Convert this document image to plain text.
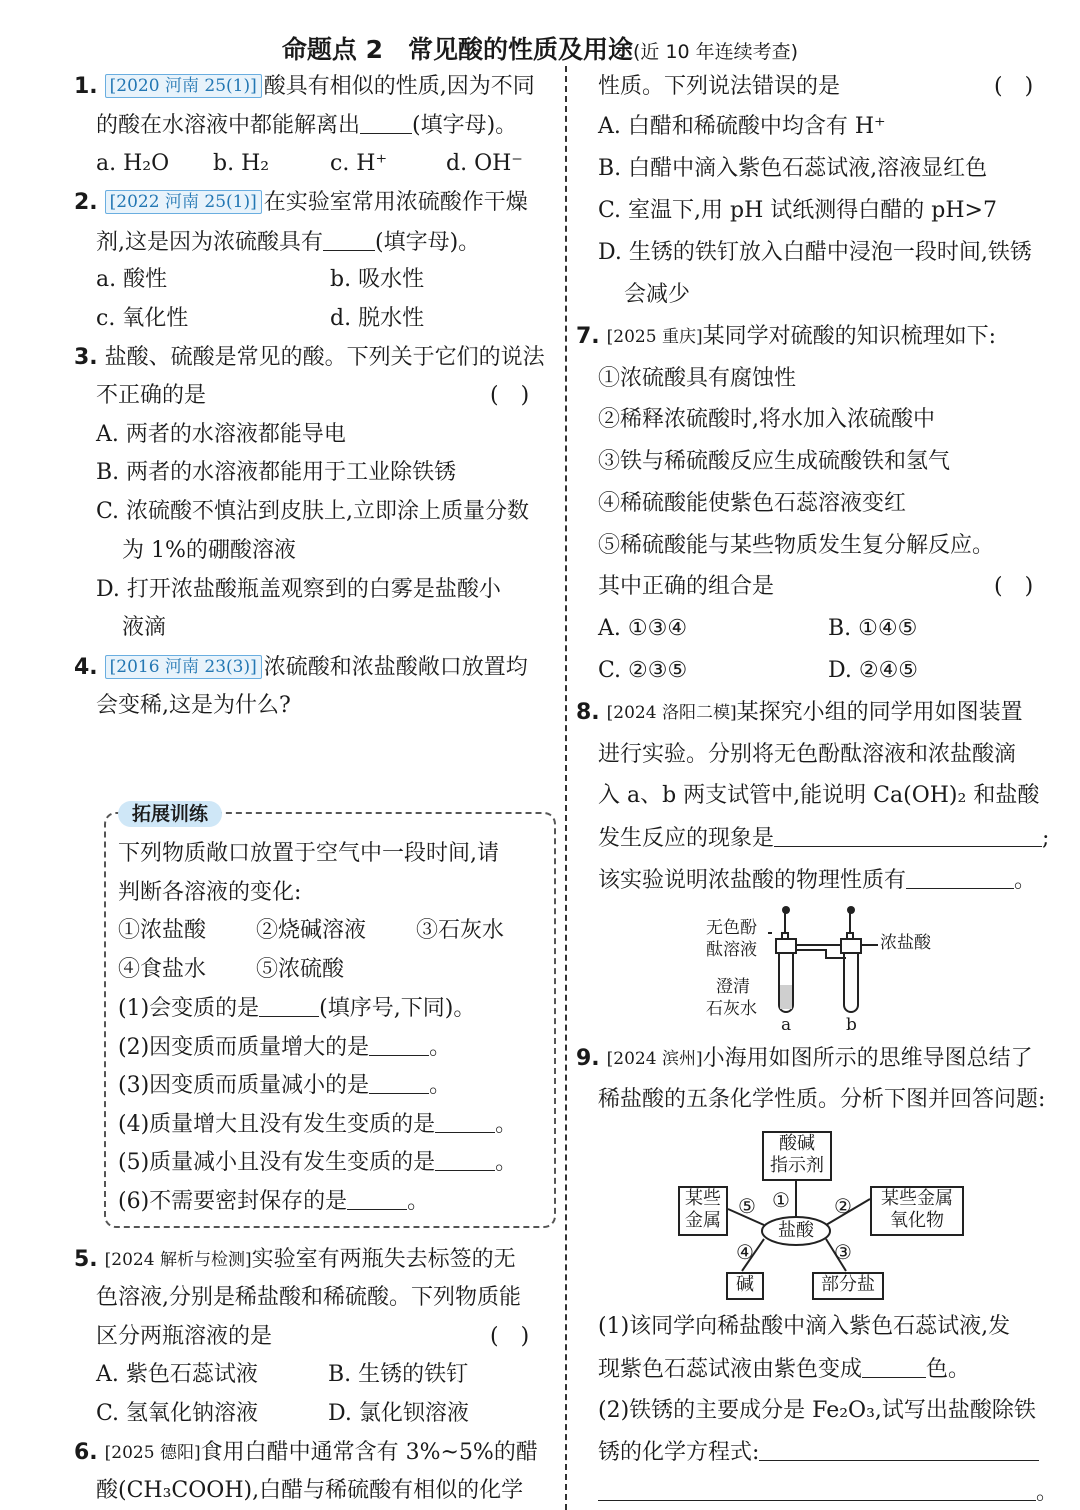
命题点 2　常见酸的性质及用途(近 10 年连续考查)
1. [2020 河南 25(1)] 酸具有相似的性质,因为不同
的酸在水溶液中都能解离出 (填字母)。
a. H₂O b. H₂	c. H⁺	d. OH⁻
2. [2022 河南 25(1)] 在实验室常用浓硫酸作干燥
剂,这是因为浓硫酸具有 (填字母)。
a. 酸性	b. 吸水性
c. 氧化性	d. 脱水性
3. 盐酸、硫酸是常见的酸。下列关于它们的说法
不正确的是	(　)
A. 两者的水溶液都能导电
B. 两者的水溶液都能用于工业除铁锈
C. 浓硫酸不慎沾到皮肤上,立即涂上质量分数
为 1%的硼酸溶液
D. 打开浓盐酸瓶盖观察到的白雾是盐酸小
液滴
4. [2016 河南 23(3)] 浓硫酸和浓盐酸敞口放置均
会变稀,这是为什么?
拓展训练
下列物质敞口放置于空气中一段时间,请
判断各溶液的变化:
①浓盐酸 ②烧碱溶液 ③石灰水
④食盐水 ⑤浓硫酸
(1)会变质的是	(填序号,下同)。
(2)因变质而质量增大的是	。
(3)因变质而质量减小的是	。
(4)质量增大且没有发生变质的是	。
(5)质量减小且没有发生变质的是	。
(6)不需要密封保存的是	。
5. [2024 解析与检测]实验室有两瓶失去标签的无
色溶液,分别是稀盐酸和稀硫酸。下列物质能
区分两瓶溶液的是	(　)
A. 紫色石蕊试液	B. 生锈的铁钉
C. 氢氧化钠溶液	D. 氯化钡溶液
6. [2025 德阳]食用白醋中通常含有 3%~5%的醋
酸(CH₃COOH),白醋与稀硫酸有相似的化学
性质。下列说法错误的是	(　)
A. 白醋和稀硫酸中均含有 H⁺
B. 白醋中滴入紫色石蕊试液,溶液显红色
C. 室温下,用 pH 试纸测得白醋的 pH>7
D. 生锈的铁钉放入白醋中浸泡一段时间,铁锈
会减少
7. [2025 重庆]某同学对硫酸的知识梳理如下:
①浓硫酸具有腐蚀性
②稀释浓硫酸时,将水加入浓硫酸中
③铁与稀硫酸反应生成硫酸铁和氢气
④稀硫酸能使紫色石蕊溶液变红
⑤稀硫酸能与某些物质发生复分解反应。
其中正确的组合是	(　)
A. ①③④	B. ①④⑤
C. ②③⑤	D. ②④⑤
8. [2024 洛阳二模]某探究小组的同学用如图装置
进行实验。分别将无色酚酞溶液和浓盐酸滴
入 a、b 两支试管中,能说明 Ca(OH)₂ 和盐酸
发生反应的现象是	;
该实验说明浓盐酸的物理性质有	。
无色酚
酞溶液	浓盐酸
澄清
石灰水
a	b
9. [2024 滨州]小海用如图所示的思维导图总结了
稀盐酸的五条化学性质。分析下图并回答问题:
酸碱
指示剂
某些
金属
某些金属
氧化物
碱	部分盐
盐酸
① ②
③
④
⑤
(1)该同学向稀盐酸中滴入紫色石蕊试液,发
现紫色石蕊试液由紫色变成	色。
(2)铁锈的主要成分是 Fe₂O₃,试写出盐酸除铁
锈的化学方程式:
。
